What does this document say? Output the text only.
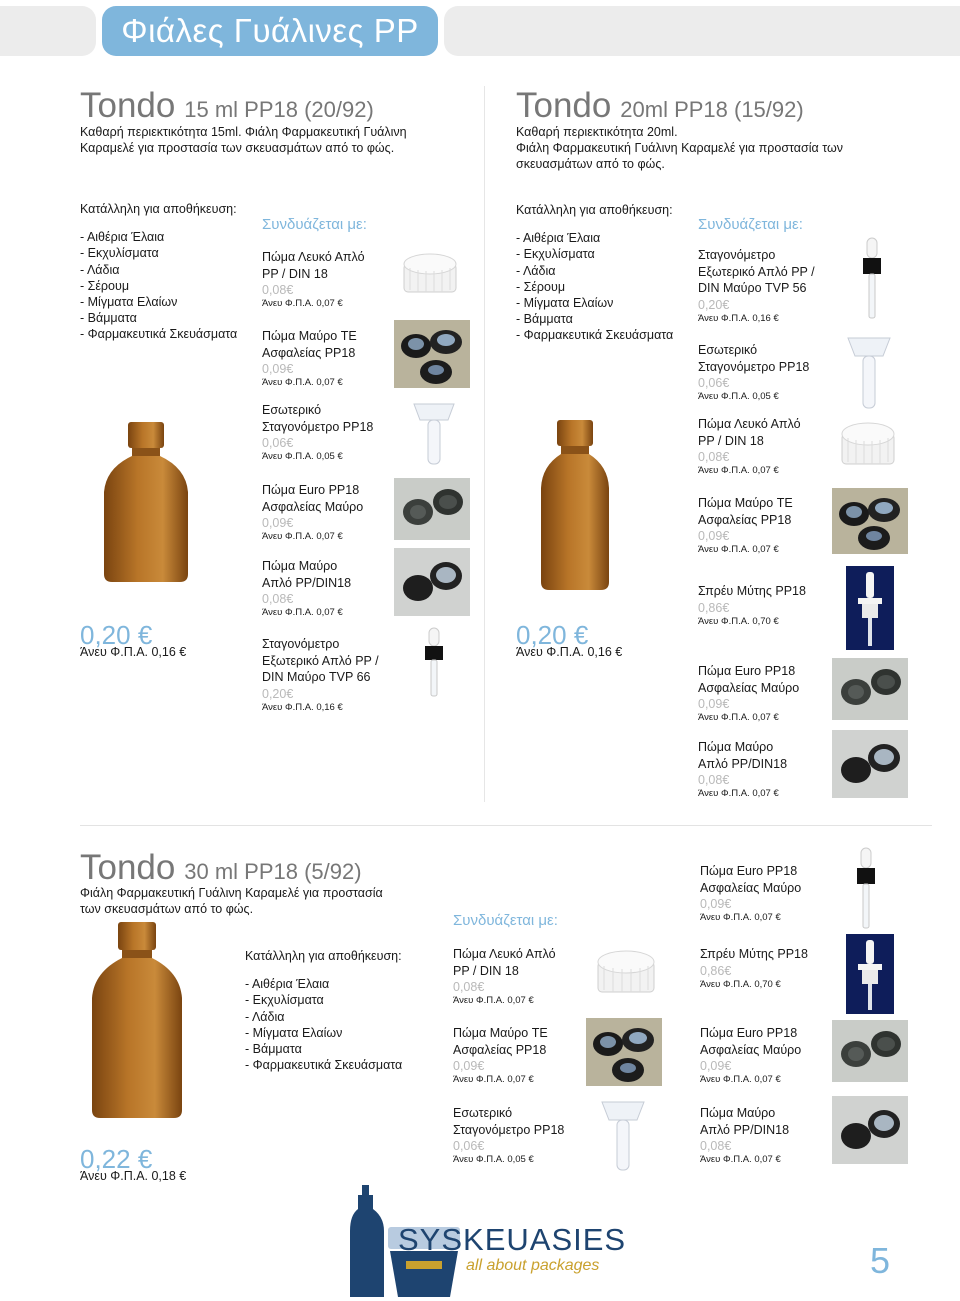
Φιάλες Γυάλινες PP
Tondo 15 ml PP18 (20/92)
Καθαρή περιεκτικότητα 15ml. Φιάλη Φαρμακευτική Γυάλινη
Καραμελέ για προστασία των σκευασμάτων από το φώς.
Κατάλληλη για αποθήκευση:
- Αιθέρια Έλαια
- Εκχυλίσματα
- Λάδια
- Σέρουμ
- Μίγματα Ελαίων
- Βάμματα
- Φαρμακευτικά Σκευάσματα
0,20 €
Άνευ Φ.Π.Α. 0,16 €
Συνδυάζεται με:
Πώμα Λευκό Απλό
PP / DIN 18
0,08€
Άνευ Φ.Π.Α. 0,07 €
Πώμα Μαύρο TE
Ασφαλείας PP18
0,09€
Άνευ Φ.Π.Α. 0,07 €
Εσωτερικό
Σταγονόμετρο PP18
0,06€
Άνευ Φ.Π.Α. 0,05 €
Πώμα Euro PP18
Ασφαλείας Μαύρο
0,09€
Άνευ Φ.Π.Α. 0,07 €
Πώμα Μαύρο
Απλό PP/DIN18
0,08€
Άνευ Φ.Π.Α. 0,07 €
Σταγονόμετρο
Εξωτερικό Απλό PP /
DIN Μαύρο TVP 66
0,20€
Άνευ Φ.Π.Α. 0,16 €
Tondo 20ml PP18 (15/92)
Καθαρή περιεκτικότητα 20ml.
Φιάλη Φαρμακευτική Γυάλινη Καραμελέ για προστασία των
σκευασμάτων από το φώς.
Κατάλληλη για αποθήκευση:
- Αιθέρια Έλαια
- Εκχυλίσματα
- Λάδια
- Σέρουμ
- Μίγματα Ελαίων
- Βάμματα
- Φαρμακευτικά Σκευάσματα
0,20 €
Άνευ Φ.Π.Α. 0,16 €
Συνδυάζεται με:
Σταγονόμετρο
Εξωτερικό Απλό PP /
DIN Μαύρο TVP 56
0,20€
Άνευ Φ.Π.Α. 0,16 €
Εσωτερικό
Σταγονόμετρο PP18
0,06€
Άνευ Φ.Π.Α. 0,05 €
Πώμα Λευκό Απλό
PP / DIN 18
0,08€
Άνευ Φ.Π.Α. 0,07 €
Πώμα Μαύρο TE
Ασφαλείας PP18
0,09€
Άνευ Φ.Π.Α. 0,07 €
Σπρέυ Μύτης PP18
0,86€
Άνευ Φ.Π.Α. 0,70 €
Πώμα Euro PP18
Ασφαλείας Μαύρο
0,09€
Άνευ Φ.Π.Α. 0,07 €
Πώμα Μαύρο
Απλό PP/DIN18
0,08€
Άνευ Φ.Π.Α. 0,07 €
Tondo 30 ml PP18 (5/92)
Φιάλη Φαρμακευτική Γυάλινη Καραμελέ για προστασία
των σκευασμάτων από το φώς.
Κατάλληλη για αποθήκευση:
- Αιθέρια Έλαια
- Εκχυλίσματα
- Λάδια
- Μίγματα Ελαίων
- Βάμματα
- Φαρμακευτικά Σκευάσματα
0,22 €
Άνευ Φ.Π.Α. 0,18 €
Συνδυάζεται με:
Πώμα Λευκό Απλό
PP / DIN 18
0,08€
Άνευ Φ.Π.Α. 0,07 €
Πώμα Μαύρο TE
Ασφαλείας PP18
0,09€
Άνευ Φ.Π.Α. 0,07 €
Εσωτερικό
Σταγονόμετρο PP18
0,06€
Άνευ Φ.Π.Α. 0,05 €
Πώμα Euro PP18
Ασφαλείας Μαύρο
0,09€
Άνευ Φ.Π.Α. 0,07 €
Σπρέυ Μύτης PP18
0,86€
Άνευ Φ.Π.Α. 0,70 €
Πώμα Euro PP18
Ασφαλείας Μαύρο
0,09€
Άνευ Φ.Π.Α. 0,07 €
Πώμα Μαύρο
Απλό PP/DIN18
0,08€
Άνευ Φ.Π.Α. 0,07 €
SYSKEUASIES
all about packages	5
